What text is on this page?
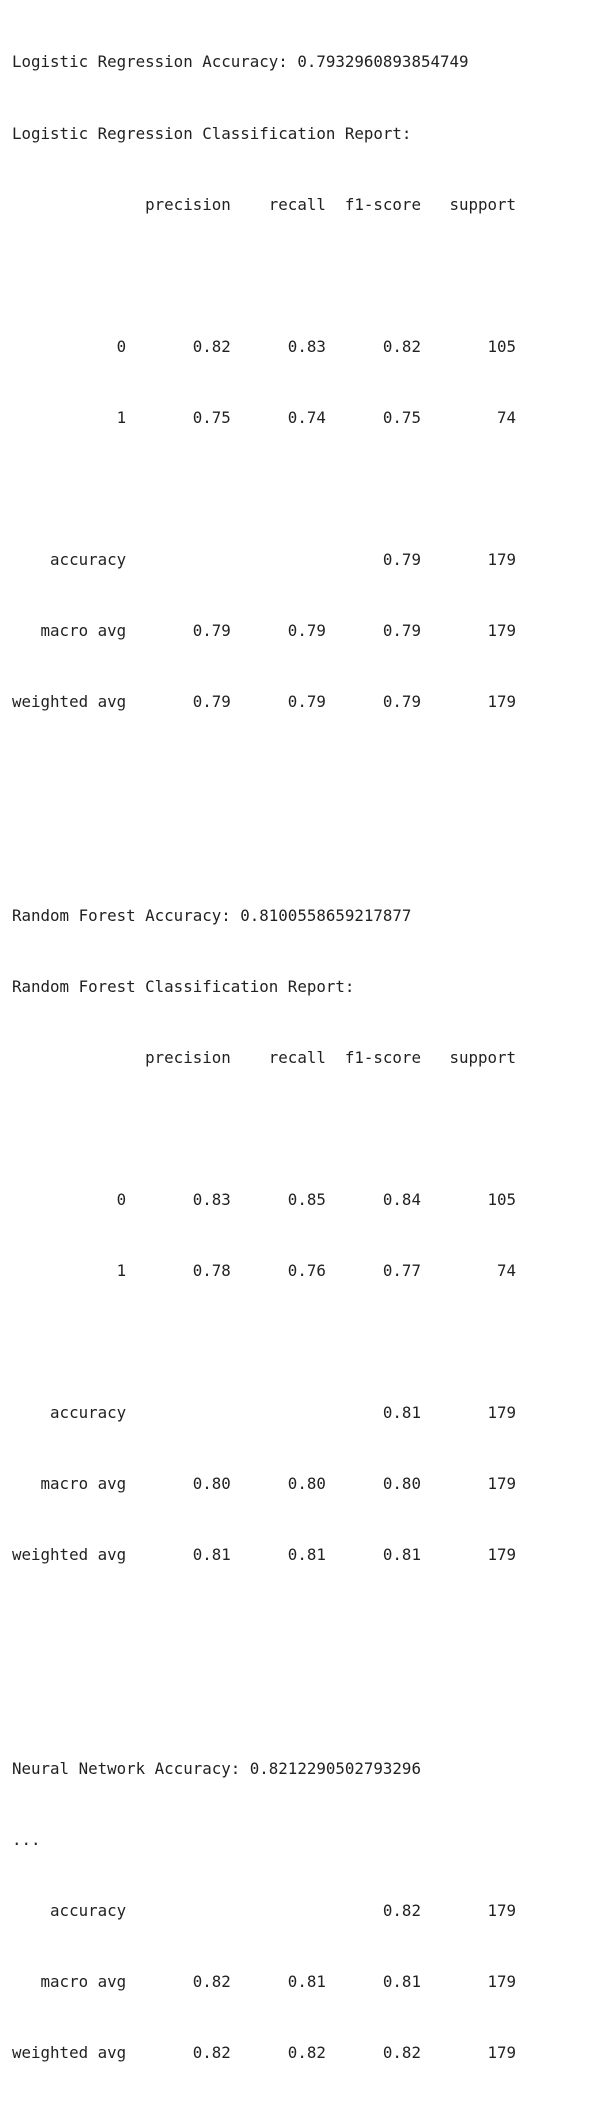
Logistic Regression Accuracy: 0.7932960893854749

Logistic Regression Classification Report:

precision    recall  f1-score   support

0       0.82      0.83      0.82       105

1       0.75      0.74      0.75        74

accuracy                           0.79       179

macro avg       0.79      0.79      0.79       179

weighted avg       0.79      0.79      0.79       179

Random Forest Accuracy: 0.8100558659217877

Random Forest Classification Report:

precision    recall  f1-score   support

0       0.83      0.85      0.84       105

1       0.78      0.76      0.77        74

accuracy                           0.81       179

macro avg       0.80      0.80      0.80       179

weighted avg       0.81      0.81      0.81       179

Neural Network Accuracy: 0.8212290502793296

...

accuracy                           0.82       179

macro avg       0.82      0.81      0.81       179

weighted avg       0.82      0.82      0.82       179
